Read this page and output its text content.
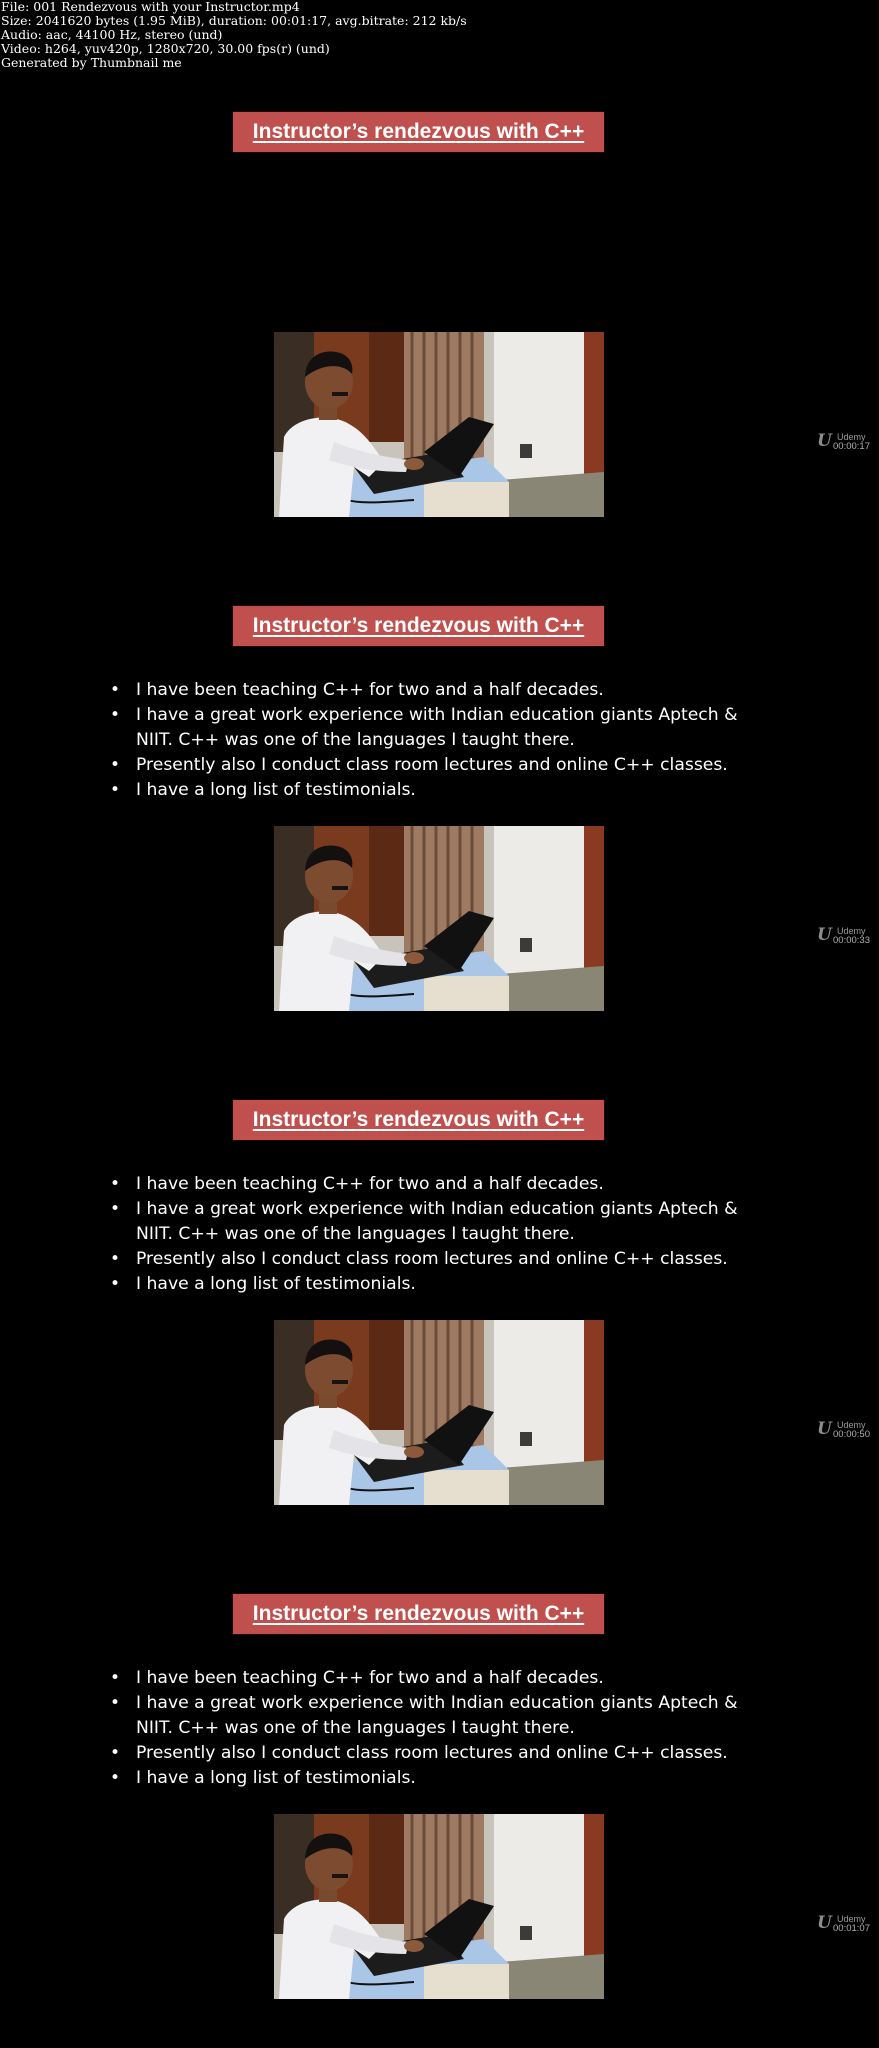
File: 001 Rendezvous with your Instructor.mp4
Size: 2041620 bytes (1.95 MiB), duration: 00:01:17, avg.bitrate: 212 kb/s
Audio: aac, 44100 Hz, stereo (und)
Video: h264, yuv420p, 1280x720, 30.00 fps(r) (und)
Generated by Thumbnail me
Instructor’s rendezvous with C++
U Udemy
00:00:17
Instructor’s rendezvous with C++
• I have been teaching C++ for two and a half decades.
• I have a great work experience with Indian education giants Aptech & NIIT. C++ was one of the languages I taught there.
• Presently also I conduct class room lectures and online C++ classes.
• I have a long list of testimonials.
U Udemy
00:00:33
Instructor’s rendezvous with C++
• I have been teaching C++ for two and a half decades.
• I have a great work experience with Indian education giants Aptech & NIIT. C++ was one of the languages I taught there.
• Presently also I conduct class room lectures and online C++ classes.
• I have a long list of testimonials.
U Udemy
00:00:50
Instructor’s rendezvous with C++
• I have been teaching C++ for two and a half decades.
• I have a great work experience with Indian education giants Aptech & NIIT. C++ was one of the languages I taught there.
• Presently also I conduct class room lectures and online C++ classes.
• I have a long list of testimonials.
U Udemy
00:01:07
